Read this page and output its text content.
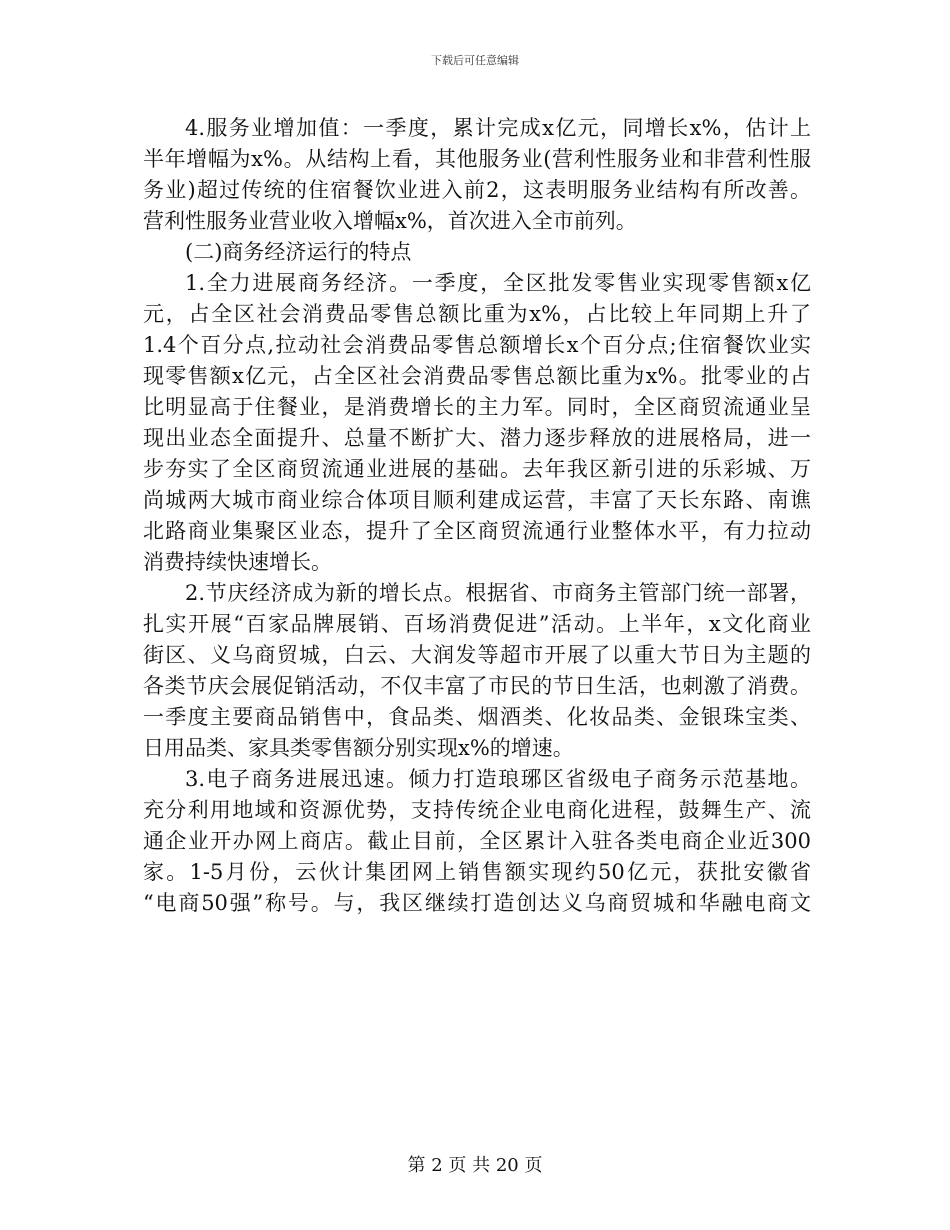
下载后可任意编辑
4.服务业增加值：一季度，累计完成x亿元，同增长x%，估计上
半年增幅为x%。从结构上看，其他服务业(营利性服务业和非营利性服
务业)超过传统的住宿餐饮业进入前2，这表明服务业结构有所改善。
营利性服务业营业收入增幅x%，首次进入全市前列。
(二)商务经济运行的特点
1.全力进展商务经济。一季度，全区批发零售业实现零售额x亿
元，占全区社会消费品零售总额比重为x%，占比较上年同期上升了
1.4个百分点,拉动社会消费品零售总额增长x个百分点;住宿餐饮业实
现零售额x亿元，占全区社会消费品零售总额比重为x%。批零业的占
比明显高于住餐业，是消费增长的主力军。同时，全区商贸流通业呈
现出业态全面提升、总量不断扩大、潜力逐步释放的进展格局，进一
步夯实了全区商贸流通业进展的基础。去年我区新引进的乐彩城、万
尚城两大城市商业综合体项目顺利建成运营，丰富了天长东路、南谯
北路商业集聚区业态，提升了全区商贸流通行业整体水平，有力拉动
消费持续快速增长。
2.节庆经济成为新的增长点。根据省、市商务主管部门统一部署，
扎实开展“百家品牌展销、百场消费促进”活动。上半年，x文化商业
街区、义乌商贸城，白云、大润发等超市开展了以重大节日为主题的
各类节庆会展促销活动，不仅丰富了市民的节日生活，也刺激了消费。
一季度主要商品销售中，食品类、烟酒类、化妆品类、金银珠宝类、
日用品类、家具类零售额分别实现x%的增速。
3.电子商务进展迅速。倾力打造琅琊区省级电子商务示范基地。
充分利用地域和资源优势，支持传统企业电商化进程，鼓舞生产、流
通企业开办网上商店。截止目前，全区累计入驻各类电商企业近300
家。1-5月份，云伙计集团网上销售额实现约50亿元，获批安徽省
“电商50强”称号。与，我区继续打造创达义乌商贸城和华融电商文
第 2 页 共 20 页
